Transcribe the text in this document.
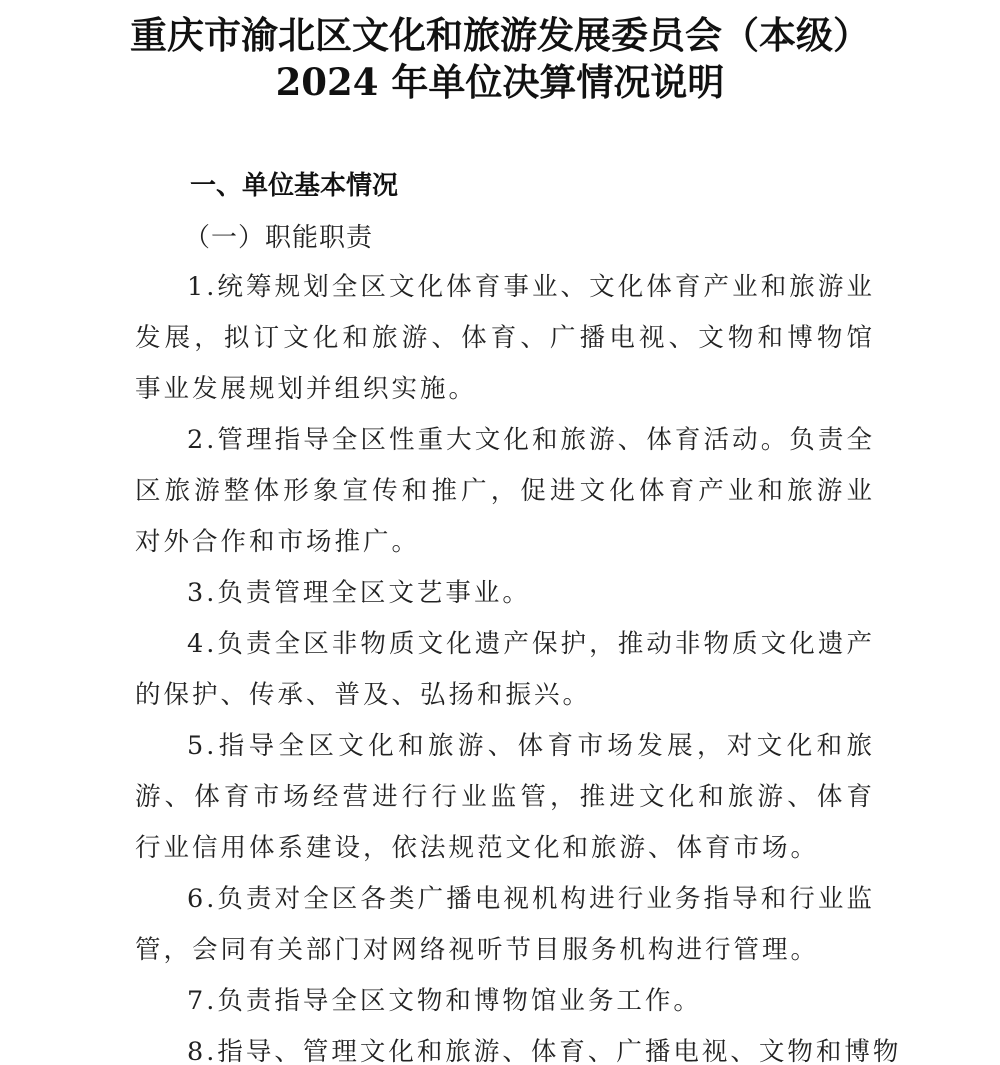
重庆市渝北区文化和旅游发展委员会（本级）
2024 年单位决算情况说明
一、单位基本情况
（一）职能职责

1.统筹规划全区文化体育事业、文化体育产业和旅游业发展，拟订文化和旅游、体育、广播电视、文物和博物馆事业发展规划并组织实施。

2.管理指导全区性重大文化和旅游、体育活动。负责全区旅游整体形象宣传和推广，促进文化体育产业和旅游业对外合作和市场推广。

3.负责管理全区文艺事业。

4.负责全区非物质文化遗产保护，推动非物质文化遗产的保护、传承、普及、弘扬和振兴。

5.指导全区文化和旅游、体育市场发展，对文化和旅游、体育市场经营进行行业监管，推进文化和旅游、体育行业信用体系建设，依法规范文化和旅游、体育市场。

6.负责对全区各类广播电视机构进行业务指导和行业监管，会同有关部门对网络视听节目服务机构进行管理。

7.负责指导全区文物和博物馆业务工作。

8.指导、管理文化和旅游、体育、广播电视、文物和博物
